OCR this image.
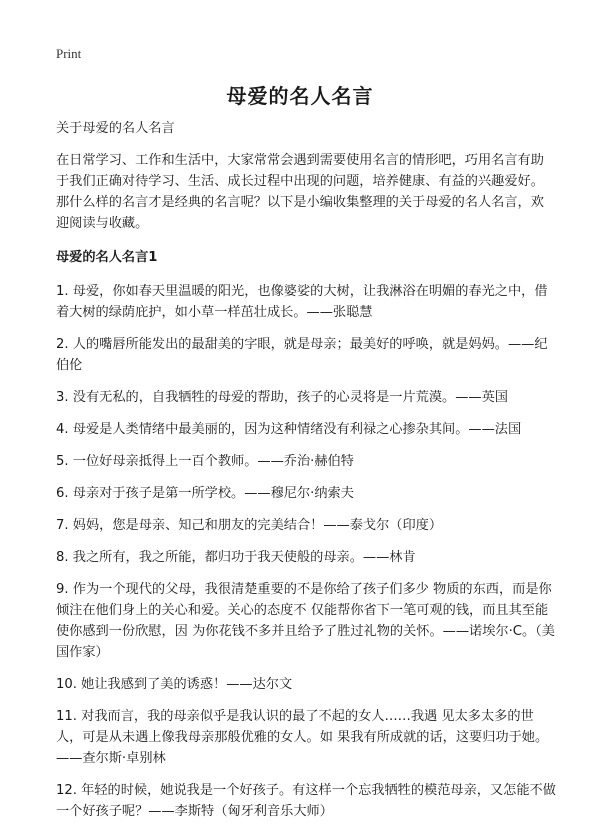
Print
母爱的名人名言

关于母爱的名人名言

在日常学习、工作和生活中，大家常常会遇到需要使用名言的情形吧，巧用名言有助于我们正确对待学习、生活、成长过程中出现的问题，培养健康、有益的兴趣爱好。那什么样的名言才是经典的名言呢？以下是小编收集整理的关于母爱的名人名言，欢迎阅读与收藏。

母爱的名人名言1

1. 母爱，你如春天里温暖的阳光，也像婆娑的大树，让我淋浴在明媚的春光之中，借着大树的绿荫庇护，如小草一样茁壮成长。——张聪慧

2. 人的嘴唇所能发出的最甜美的字眼，就是母亲；最美好的呼唤，就是妈妈。——纪伯伦

3. 没有无私的，自我牺牲的母爱的帮助，孩子的心灵将是一片荒漠。——英国

4. 母爱是人类情绪中最美丽的，因为这种情绪没有利禄之心掺杂其间。——法国

5. 一位好母亲抵得上一百个教师。——乔治·赫伯特

6. 母亲对于孩子是第一所学校。——穆尼尔·纳索夫

7. 妈妈，您是母亲、知己和朋友的完美结合！——泰戈尔（印度）

8. 我之所有，我之所能，都归功于我天使般的母亲。——林肯

9. 作为一个现代的父母，我很清楚重要的不是你给了孩子们多少 物质的东西，而是你倾注在他们身上的关心和爱。关心的态度不 仅能帮你省下一笔可观的钱，而且其至能使你感到一份欣慰，因 为你花钱不多并且给予了胜过礼物的关怀。——诺埃尔·C。（美国作家）

10. 她让我感到了美的诱惑！——达尔文

11. 对我而言，我的母亲似乎是我认识的最了不起的女人……我遇 见太多太多的世人，可是从未遇上像我母亲那般优雅的女人。如 果我有所成就的话，这要归功于她。——查尔斯·卓别林

12. 年轻的时候，她说我是一个好孩子。有这样一个忘我牺牲的模范母亲，又怎能不做一个好孩子呢？——李斯特（匈牙利音乐大师）
